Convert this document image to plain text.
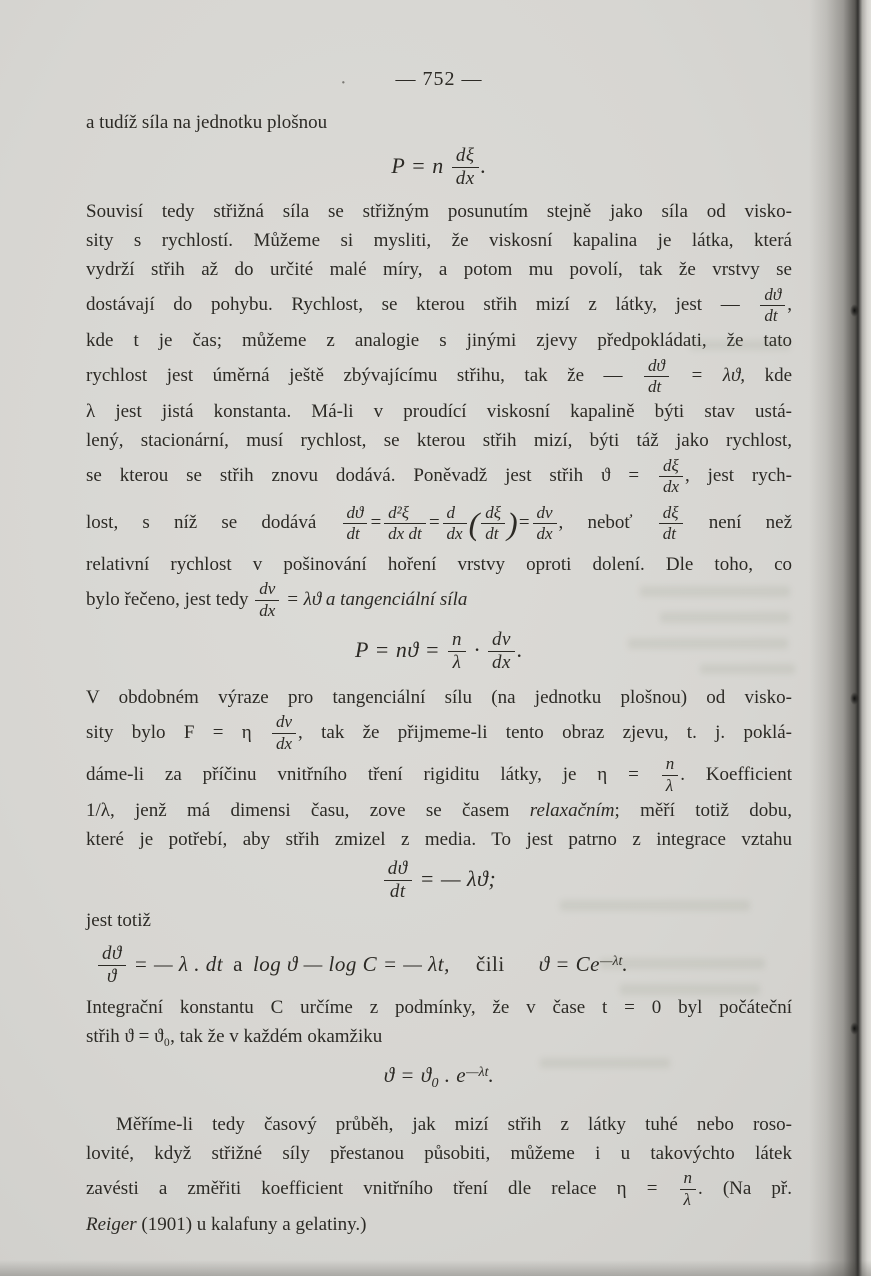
· — 752 —
a tudíž síla na jednotku plošnou
P = n $\frac{d\xi}{dx}$ .
Souvisí tedy střižná síla se střižným posunutím stejně jako síla od visko-
sity s rychlostí. Můžeme si mysliti, že viskosní kapalina je látka, která
vydrží střih až do určité malé míry, a potom mu povolí, tak že vrstvy se
dostávají do pohybu. Rychlost, se kterou střih mizí z látky, jest — $\frac{dϑ}{dt}$ ,
kde t je čas; můžeme z analogie s jinými zjevy předpokládati, že tato
rychlost jest úměrná ještě zbývajícímu střihu, tak že — $\frac{dϑ}{dt} = \lambda ϑ$, kde
λ jest jistá konstanta. Má-li v proudící viskosní kapalině býti stav ustá-
lený, stacionární, musí rychlost, se kterou střih mizí, býti táž jako rychlost,
se kterou se střih znovu dodává. Poněvadž jest střih $ϑ = \frac{d\xi}{dx}$ , jest rych-
lost, s níž se dodává $\frac{dϑ}{dt} = \frac{\text{d²ξ}}{\text{dx dt}} = \frac{d}{dx}$ ( $\frac{d\xi}{dt}$ )= $\frac{dv}{dx}$ , neboť $\frac{d\xi}{dt}$ není než
relativní rychlost v pošinování hoření vrstvy oproti dolení. Dle toho, co
bylo řečeno, jest tedy $\frac{dv}{dx} = \lambda ϑ$ a tangenciální síla
$P = nϑ = \frac{n}{\lambda} \cdot \frac{dv}{dx}$ .
V obdobném výraze pro tangenciální sílu (na jednotku plošnou) od visko-
sity bylo F = η $\frac{dv}{dx}$ , tak že přijmeme-li tento obraz zjevu, t. j. poklá-
dáme-li za příčinu vnitřního tření rigiditu látky, je $\eta = \frac{n}{\lambda}$ . Koefficient
1/λ, jenž má dimensi času, zove se časem relaxačním; měří totiž dobu,
které je potřebí, aby střih zmizel z media. To jest patrno z integrace vztahu
$\frac{dϑ}{dt}$ = — λϑ;
jest totiž
$\frac{dϑ}{ϑ}$ = — λ . dt a log ϑ — log C = — λt, čili $ϑ = Ce^{—\lambda t}$.
Integrační konstantu C určíme z podmínky, že v čase t = 0 byl počáteční
střih ϑ = ϑ₀, tak že v každém okamžiku
$ϑ = ϑ_0$ . $e^{—\lambda t}$.
Měříme-li tedy časový průběh, jak mizí střih z látky tuhé nebo roso-
lovité, když střižné síly přestanou působiti, můžeme i u takovýchto látek
zavésti a změřiti koefficient vnitřního tření dle relace $\eta = \frac{n}{\lambda}$ . (Na př.
Reiger (1901) u kalafuny a gelatiny.)
